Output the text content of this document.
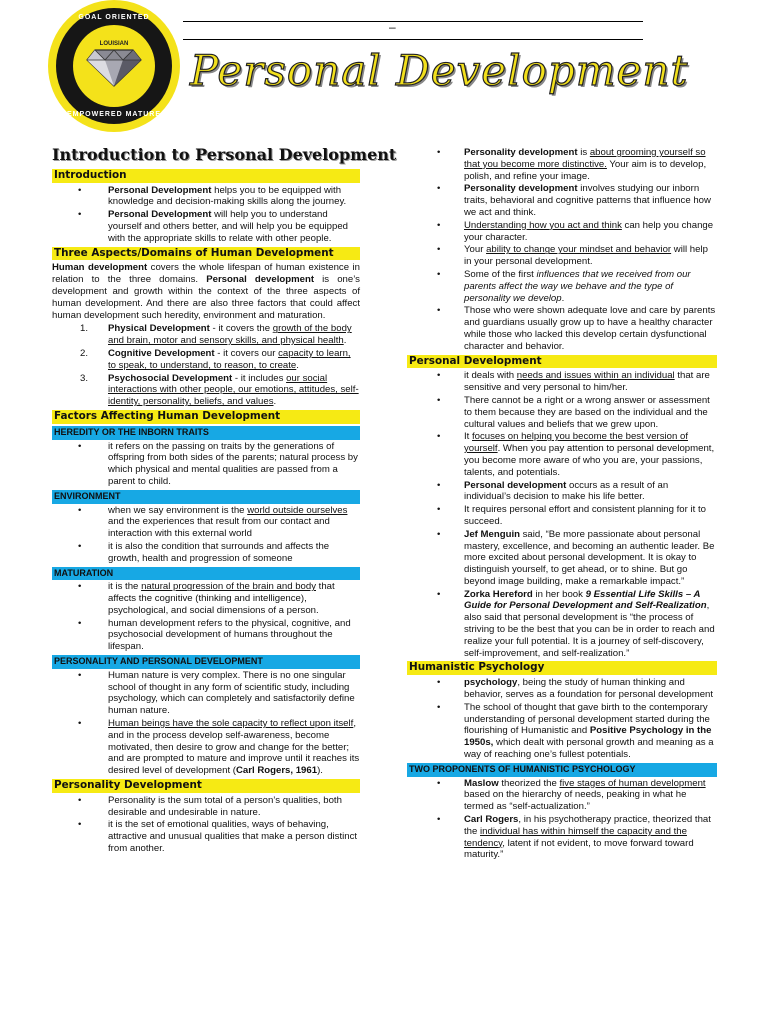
GOAL ORIENTED
LOUISIAN
EMPOWERED MATURE
–
Personal Development
Introduction to Personal Development
Introduction
• Personal Development helps you to be equipped with knowledge and decision-making skills along the journey.
• Personal Development will help you to understand yourself and others better, and will help you be equipped with the appropriate skills to relate with other people.
Three Aspects/Domains of Human Development

Human development covers the whole lifespan of human existence in relation to the three domains. Personal development is one’s development and growth within the context of the three aspects of human development. And there are also three factors that could affect human development such heredity, environment and maturation.

1. Physical Development - it covers the growth of the body and brain, motor and sensory skills, and physical health.
2. Cognitive Development - it covers our capacity to learn, to speak, to understand, to reason, to create.
3. Psychosocial Development - it includes our social interactions with other people, our emotions, attitudes, self-identity, personality, beliefs, and values.
Factors Affecting Human Development
HEREDITY OR THE INBORN TRAITS
• it refers on the passing on traits by the generations of offspring from both sides of the parents; natural process by which physical and mental qualities are passed from a parent to child.
ENVIRONMENT
• when we say environment is the world outside ourselves and the experiences that result from our contact and interaction with this external world
• it is also the condition that surrounds and affects the growth, health and progression of someone
MATURATION
• it is the natural progression of the brain and body that affects the cognitive (thinking and intelligence), psychological, and social dimensions of a person.
• human development refers to the physical, cognitive, and psychosocial development of humans throughout the lifespan.
PERSONALITY AND PERSONAL DEVELOPMENT
• Human nature is very complex. There is no one singular school of thought in any form of scientific study, including psychology, which can completely and satisfactorily define human nature.
• Human beings have the sole capacity to reflect upon itself, and in the process develop self-awareness, become motivated, then desire to grow and change for the better; and are prompted to mature and improve until it reaches its desired level of development (Carl Rogers, 1961).
Personality Development
• Personality is the sum total of a person’s qualities, both desirable and undesirable in nature.
• it is the set of emotional qualities, ways of behaving, attractive and unusual qualities that make a person distinct from another.
• Personality development is about grooming yourself so that you become more distinctive. Your aim is to develop, polish, and refine your image.
• Personality development involves studying our inborn traits, behavioral and cognitive patterns that influence how we act and think.
• Understanding how you act and think can help you change your character.
• Your ability to change your mindset and behavior will help in your personal development.
• Some of the first influences that we received from our parents affect the way we behave and the type of personality we develop.
• Those who were shown adequate love and care by parents and guardians usually grow up to have a healthy character while those who lacked this develop certain dysfunctional character and behavior.
Personal Development
• it deals with needs and issues within an individual that are sensitive and very personal to him/her.
• There cannot be a right or a wrong answer or assessment to them because they are based on the individual and the cultural values and beliefs that we grew upon.
• It focuses on helping you become the best version of yourself. When you pay attention to personal development, you become more aware of who you are, your passions, talents, and potentials.
• Personal development occurs as a result of an individual’s decision to make his life better.
• It requires personal effort and consistent planning for it to succeed.
• Jef Menguin said, “Be more passionate about personal mastery, excellence, and becoming an authentic leader. Be more excited about personal development. It is okay to distinguish yourself, to get ahead, or to shine. But go beyond image building, make a remarkable impact.”
• Zorka Hereford in her book 9 Essential Life Skills – A Guide for Personal Development and Self-Realization, also said that personal development is “the process of striving to be the best that you can be in order to reach and realize your full potential. It is a journey of self-discovery, self-improvement, and self-realization.”
Humanistic Psychology
• psychology, being the study of human thinking and behavior, serves as a foundation for personal development
• The school of thought that gave birth to the contemporary understanding of personal development started during the flourishing of Humanistic and Positive Psychology in the 1950s, which dealt with personal growth and meaning as a way of reaching one’s fullest potentials.
TWO PROPONENTS OF HUMANISTIC PSYCHOLOGY
• Maslow theorized the five stages of human development based on the hierarchy of needs, peaking in what he termed as “self-actualization.”
• Carl Rogers, in his psychotherapy practice, theorized that the individual has within himself the capacity and the tendency, latent if not evident, to move forward toward maturity.”
